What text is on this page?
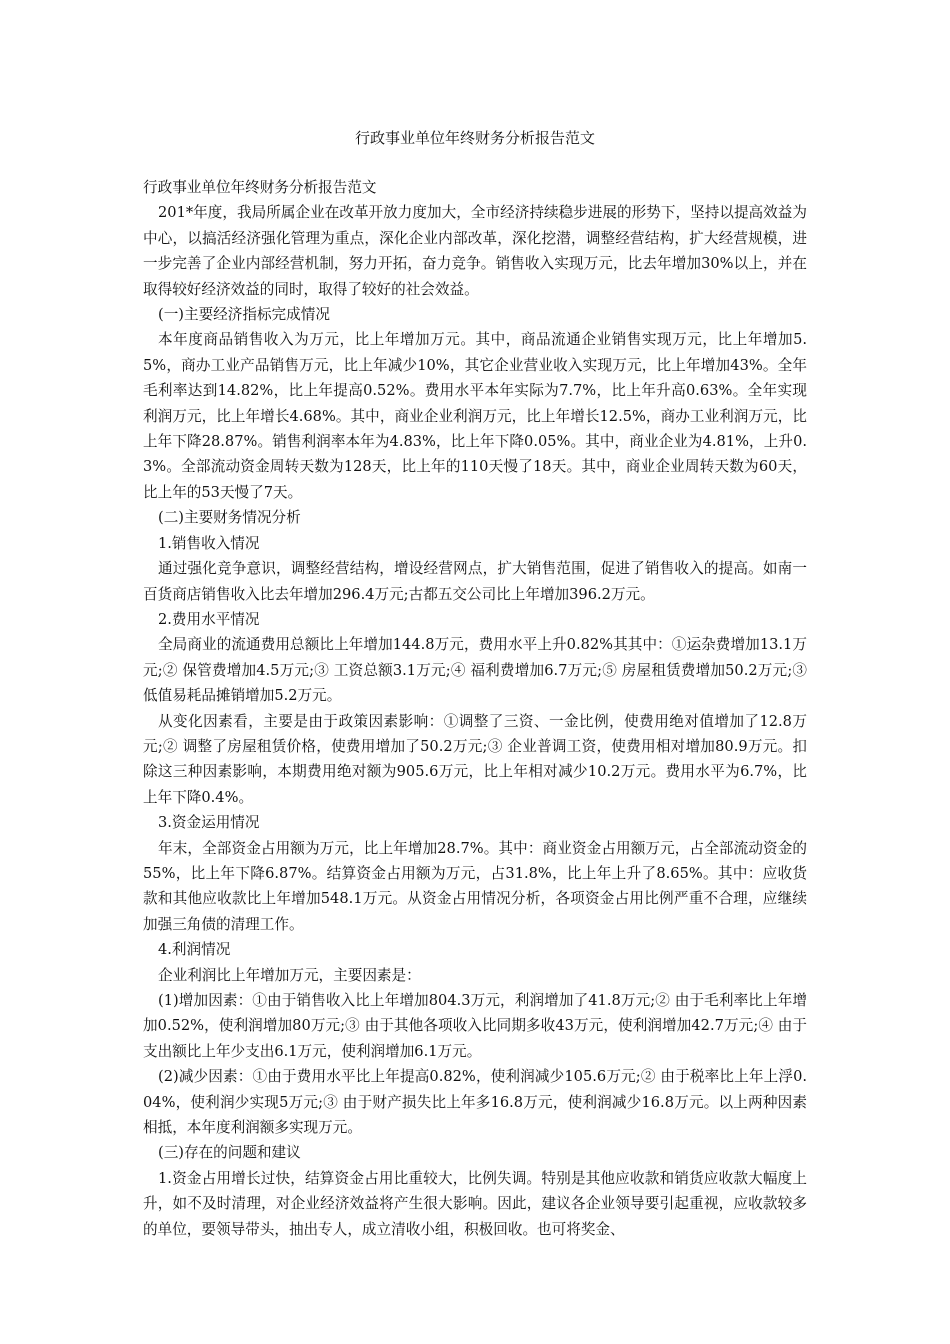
行政事业单位年终财务分析报告范文

行政事业单位年终财务分析报告范文

201*年度，我局所属企业在改革开放力度加大，全市经济持续稳步进展的形势下，坚持以提高效益为中心，以搞活经济强化管理为重点，深化企业内部改革，深化挖潜，调整经营结构，扩大经营规模，进一步完善了企业内部经营机制，努力开拓，奋力竞争。销售收入实现万元，比去年增加30%以上，并在取得较好经济效益的同时，取得了较好的社会效益。

(一)主要经济指标完成情况

本年度商品销售收入为万元，比上年增加万元。其中，商品流通企业销售实现万元，比上年增加5.5%，商办工业产品销售万元，比上年减少10%，其它企业营业收入实现万元，比上年增加43%。全年毛利率达到14.82%，比上年提高0.52%。费用水平本年实际为7.7%，比上年升高0.63%。全年实现利润万元，比上年增长4.68%。其中，商业企业利润万元，比上年增长12.5%，商办工业利润万元，比上年下降28.87%。销售利润率本年为4.83%，比上年下降0.05%。其中，商业企业为4.81%，上升0.3%。全部流动资金周转天数为128天，比上年的110天慢了18天。其中，商业企业周转天数为60天，比上年的53天慢了7天。

(二)主要财务情况分析

1.销售收入情况

通过强化竞争意识，调整经营结构，增设经营网点，扩大销售范围，促进了销售收入的提高。如南一百货商店销售收入比去年增加296.4万元;古都五交公司比上年增加396.2万元。

2.费用水平情况

全局商业的流通费用总额比上年增加144.8万元，费用水平上升0.82%其其中：①运杂费增加13.1万元;② 保管费增加4.5万元;③ 工资总额3.1万元;④ 福利费增加6.7万元;⑤ 房屋租赁费增加50.2万元;③ 低值易耗品摊销增加5.2万元。

从变化因素看，主要是由于政策因素影响：①调整了三资、一金比例，使费用绝对值增加了12.8万元;② 调整了房屋租赁价格，使费用增加了50.2万元;③ 企业普调工资，使费用相对增加80.9万元。扣除这三种因素影响，本期费用绝对额为905.6万元，比上年相对减少10.2万元。费用水平为6.7%，比上年下降0.4%。

3.资金运用情况

年末，全部资金占用额为万元，比上年增加28.7%。其中：商业资金占用额万元，占全部流动资金的55%，比上年下降6.87%。结算资金占用额为万元，占31.8%，比上年上升了8.65%。其中：应收货款和其他应收款比上年增加548.1万元。从资金占用情况分析，各项资金占用比例严重不合理，应继续加强三角债的清理工作。

4.利润情况

企业利润比上年增加万元，主要因素是：

(1)增加因素：①由于销售收入比上年增加804.3万元，利润增加了41.8万元;② 由于毛利率比上年增加0.52%，使利润增加80万元;③ 由于其他各项收入比同期多收43万元，使利润增加42.7万元;④ 由于支出额比上年少支出6.1万元，使利润增加6.1万元。

(2)减少因素：①由于费用水平比上年提高0.82%，使利润减少105.6万元;② 由于税率比上年上浮0.04%，使利润少实现5万元;③ 由于财产损失比上年多16.8万元，使利润减少16.8万元。以上两种因素相抵，本年度利润额多实现万元。

(三)存在的问题和建议

1.资金占用增长过快，结算资金占用比重较大，比例失调。特别是其他应收款和销货应收款大幅度上升，如不及时清理，对企业经济效益将产生很大影响。因此，建议各企业领导要引起重视，应收款较多的单位，要领导带头，抽出专人，成立清收小组，积极回收。也可将奖金、
